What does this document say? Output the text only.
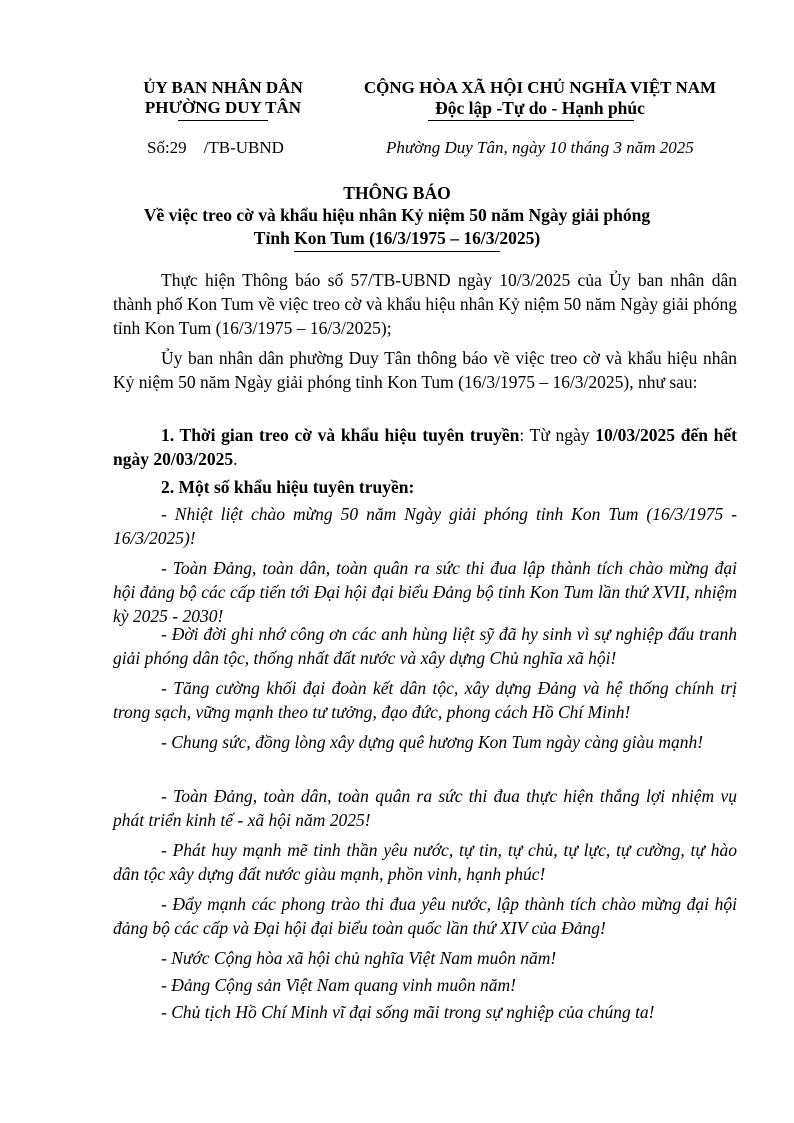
ỦY BAN NHÂN DÂN
PHƯỜNG DUY TÂN
CỘNG HÒA XÃ HỘI CHỦ NGHĨA VIỆT NAM
Độc lập -Tự do - Hạnh phúc
Số:29    /TB-UBND	Phường Duy Tân, ngày 10 tháng 3 năm 2025
THÔNG BÁO
Về việc treo cờ và khẩu hiệu nhân Kỷ niệm 50 năm Ngày giải phóng
Tỉnh Kon Tum (16/3/1975 – 16/3/2025)

Thực hiện Thông báo số 57/TB-UBND ngày 10/3/2025 của Ủy ban nhân dân thành phố Kon Tum về việc treo cờ và khẩu hiệu nhân Kỷ niệm 50 năm Ngày giải phóng tỉnh Kon Tum (16/3/1975 – 16/3/2025);

Ủy ban nhân dân phường Duy Tân thông báo về việc treo cờ và khẩu hiệu nhân Kỷ niệm 50 năm Ngày giải phóng tỉnh Kon Tum (16/3/1975 – 16/3/2025), như sau:

1. Thời gian treo cờ và khẩu hiệu tuyên truyền: Từ ngày 10/03/2025 đến hết ngày 20/03/2025.

2. Một số khẩu hiệu tuyên truyền:

- Nhiệt liệt chào mừng 50 năm Ngày giải phóng tỉnh Kon Tum (16/3/1975 - 16/3/2025)!

- Toàn Đảng, toàn dân, toàn quân ra sức thi đua lập thành tích chào mừng đại hội đảng bộ các cấp tiến tới Đại hội đại biểu Đảng bộ tỉnh Kon Tum lần thứ XVII, nhiệm kỳ 2025 - 2030!

- Đời đời ghi nhớ công ơn các anh hùng liệt sỹ đã hy sinh vì sự nghiệp đấu tranh giải phóng dân tộc, thống nhất đất nước và xây dựng Chủ nghĩa xã hội!

- Tăng cường khối đại đoàn kết dân tộc, xây dựng Đảng và hệ thống chính trị trong sạch, vững mạnh theo tư tưởng, đạo đức, phong cách Hồ Chí Minh!

- Chung sức, đồng lòng xây dựng quê hương Kon Tum ngày càng giàu mạnh!

- Toàn Đảng, toàn dân, toàn quân ra sức thi đua thực hiện thắng lợi nhiệm vụ phát triển kinh tế - xã hội năm 2025!

- Phát huy mạnh mẽ tinh thần yêu nước, tự tin, tự chủ, tự lực, tự cường, tự hào dân tộc xây dựng đất nước giàu mạnh, phồn vinh, hạnh phúc!

- Đẩy mạnh các phong trào thi đua yêu nước, lập thành tích chào mừng đại hội đảng bộ các cấp và Đại hội đại biểu toàn quốc lần thứ XIV của Đảng!

- Nước Cộng hòa xã hội chủ nghĩa Việt Nam muôn năm!

- Đảng Cộng sản Việt Nam quang vinh muôn năm!

- Chủ tịch Hồ Chí Minh vĩ đại sống mãi trong sự nghiệp của chúng ta!
